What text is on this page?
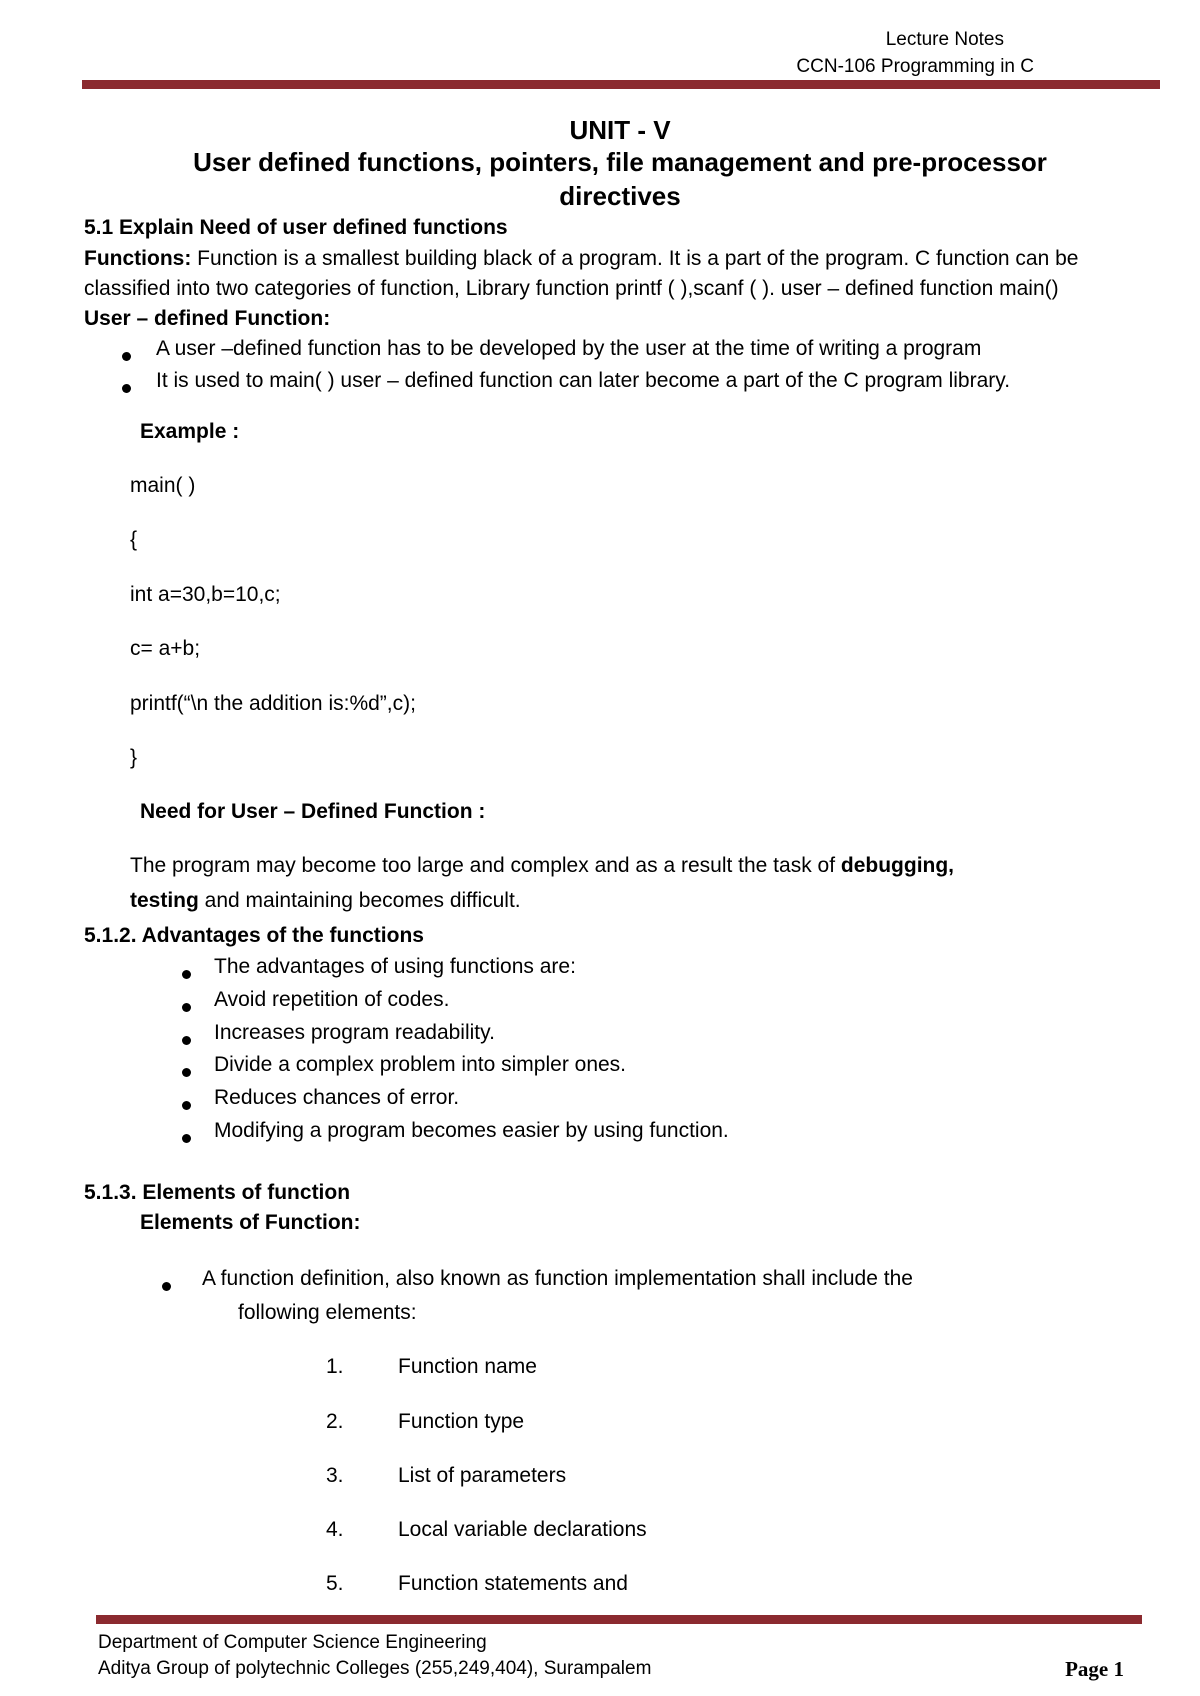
Lecture Notes
CCN-106 Programming in C
UNIT - V
User defined functions, pointers, file management and pre-processor
directives
5.1 Explain Need of user defined functions
Functions: Function is a smallest building black of a program. It is a part of the program. C function can be
classified into two categories of function, Library function printf ( ),scanf ( ). user – defined function main()
User – defined Function:
A user –defined function has to be developed by the user at the time of writing a program
It is used to main( ) user – defined function can later become a part of the C program library.
Example :
main( )
{
int a=30,b=10,c;
c= a+b;
printf(“\n the addition is:%d”,c);
}
Need for User – Defined Function :
The program may become too large and complex and as a result the task of debugging,
testing and maintaining becomes difficult.
5.1.2. Advantages of the functions
The advantages of using functions are:
Avoid repetition of codes.
Increases program readability.
Divide a complex problem into simpler ones.
Reduces chances of error.
Modifying a program becomes easier by using function.
5.1.3. Elements of function
Elements of Function:
A function definition, also known as function implementation shall include the
following elements:
1.	Function name
2.	Function type
3.	List of parameters
4.	Local variable declarations
5.	Function statements and
Department of Computer Science Engineering
Aditya Group of polytechnic Colleges (255,249,404), Surampalem	Page 1
